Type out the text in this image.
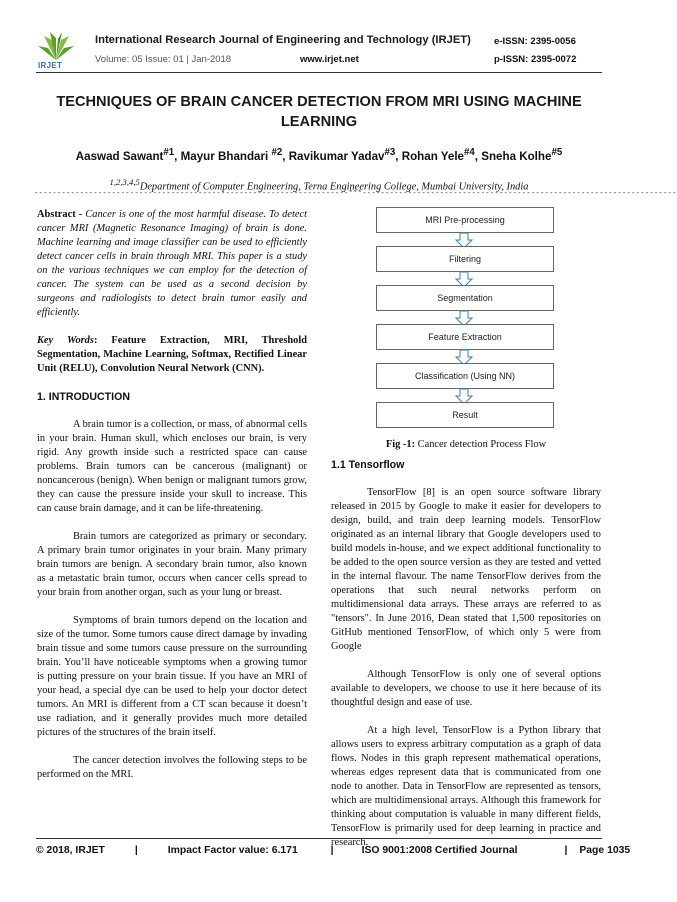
IRJET
International Research Journal of Engineering and Technology (IRJET)
Volume: 05 Issue: 01 | Jan-2018	www.irjet.net
e-ISSN: 2395-0056
p-ISSN: 2395-0072
TECHNIQUES OF BRAIN CANCER DETECTION FROM MRI USING MACHINE LEARNING
Aaswad Sawant$^{\#1}$, Mayur Bhandari $^{\#2}$, Ravikumar Yadav$^{\#3}$, Rohan Yele$^{\#4}$, Sneha Kolhe$^{\#5}$
$^{1,2,3,4,5}$Department of Computer Engineering, Terna Engineering College, Mumbai University, India
---------------------------------------------------------------------***---------------------------------------------------------------------

Abstract - Cancer is one of the most harmful disease. To detect cancer MRI (Magnetic Resonance Imaging) of brain is done. Machine learning and image classifier can be used to efficiently detect cancer cells in brain through MRI. This paper is a study on the various techniques we can employ for the detection of cancer. The system can be used as a second decision by surgeons and radiologists to detect brain tumor easily and efficiently.

Key Words: Feature Extraction, MRI, Threshold Segmentation, Machine Learning, Softmax, Rectified Linear Unit (RELU), Convolution Neural Network (CNN).

1. INTRODUCTION

A brain tumor is a collection, or mass, of abnormal cells in your brain. Human skull, which encloses our brain, is very rigid. Any growth inside such a restricted space can cause problems. Brain tumors can be cancerous (malignant) or noncancerous (benign). When benign or malignant tumors grow, they can cause the pressure inside your skull to increase. This can cause brain damage, and it can be life-threatening.

Brain tumors are categorized as primary or secondary. A primary brain tumor originates in your brain. Many primary brain tumors are benign. A secondary brain tumor, also known as a metastatic brain tumor, occurs when cancer cells spread to your brain from another organ, such as your lung or breast.

Symptoms of brain tumors depend on the location and size of the tumor. Some tumors cause direct damage by invading brain tissue and some tumors cause pressure on the surrounding brain. You’ll have noticeable symptoms when a growing tumor is putting pressure on your brain tissue. If you have an MRI of your head, a special dye can be used to help your doctor detect tumors. An MRI is different from a CT scan because it doesn’t use radiation, and it generally provides much more detailed pictures of the structures of the brain itself.

The cancer detection involves the following steps to be performed on the MRI.

MRI Pre-processing
Filtering
Segmentation
Feature Extraction
Classification (Using NN)
Result
Fig -1: Cancer detection Process Flow

1.1 Tensorflow

TensorFlow [8] is an open source software library released in 2015 by Google to make it easier for developers to design, build, and train deep learning models. TensorFlow originated as an internal library that Google developers used to build models in-house, and we expect additional functionality to be added to the open source version as they are tested and vetted in the internal flavour. The name TensorFlow derives from the operations that such neural networks perform on multidimensional data arrays. These arrays are referred to as "tensors". In June 2016, Dean stated that 1,500 repositories on GitHub mentioned TensorFlow, of which only 5 were from Google

Although TensorFlow is only one of several options available to developers, we choose to use it here because of its thoughtful design and ease of use.

At a high level, TensorFlow is a Python library that allows users to express arbitrary computation as a graph of data flows. Nodes in this graph represent mathematical operations, whereas edges represent data that is communicated from one node to another. Data in TensorFlow are represented as tensors, which are multidimensional arrays. Although this framework for thinking about computation is valuable in many different fields, TensorFlow is primarily used for deep learning in practice and research.

© 2018, IRJET	|	Impact Factor value: 6.171	|	ISO 9001:2008 Certified Journal	| Page 1035
